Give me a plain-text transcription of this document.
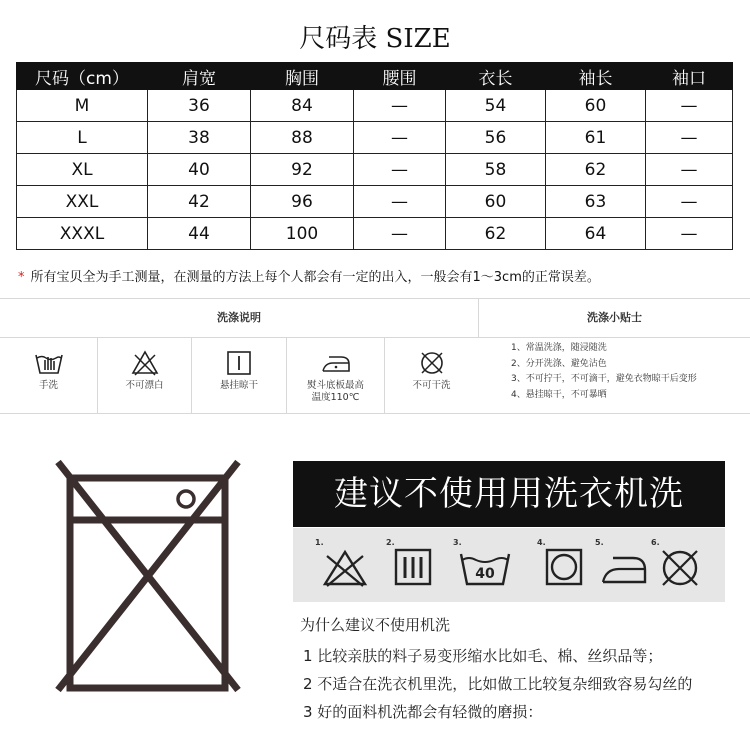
尺码表 SIZE
尺码（cm）	肩宽	胸围	腰围	衣长	袖长	袖口
M	36	84	—	54	60	—
L	38	88	—	56	61	—
XL	40	92	—	58	62	—
XXL	42	96	—	60	63	—
XXXL	44	100	—	62	64	—
* 所有宝贝全为手工测量，在测量的方法上每个人都会有一定的出入，一般会有1～3cm的正常误差。
洗涤说明	洗涤小贴士
手洗	不可漂白	悬挂晾干	熨斗底板最高
温度110℃
不可干洗
1、常温洗涤，随浸随洗
2、分开洗涤、避免沾色
3、不可拧干，不可滴干，避免衣物晾干后变形
4、悬挂晾干，不可暴晒
建议不使用用洗衣机洗
1.	2.	3.
40
4.	5.	6.
为什么建议不使用机洗
1 比较亲肤的料子易变形缩水比如毛、棉、丝织品等；
2 不适合在洗衣机里洗，比如做工比较复杂细致容易勾丝的
3 好的面料机洗都会有轻微的磨损：
